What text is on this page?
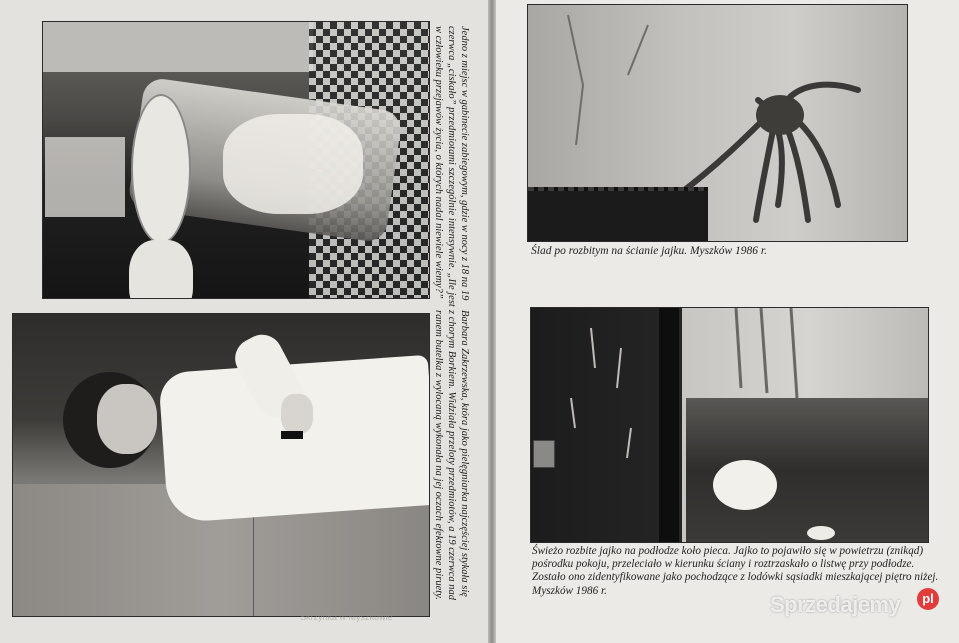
Jedno z miejsc w gabinecie zabiegowym, gdzie w nocy z 18 na 19
czerwca „ciskało” przedmiotami szczególnie intensywnie. „Ile jest
w człowieku przejawów życia, o których nadal niewiele wiemy?”
Barbara Zakrzewska, która jako pielęgniarka najczęściej stykała się
z chorym Borkiem. Widziała przeloty przedmiotów, a 19 czerwca nad
ranem butelka z wylocaną wykonała na jej oczach efektowne piruety.
Skrzynka w Myszkowie
Ślad po rozbitym na ścianie jajku. Myszków 1986 r.
Świeżo rozbite jajko na podłodze koło pieca. Jajko to pojawiło się w powietrzu (znikąd)
pośrodku pokoju, przeleciało w kierunku ściany i roztrzaskało o listwę przy podłodze.
Zostało ono zidentyfikowane jako pochodzące z lodówki sąsiadki mieszkającej piętro niżej.
Myszków 1986 r.
Sprzedajemy	pl
